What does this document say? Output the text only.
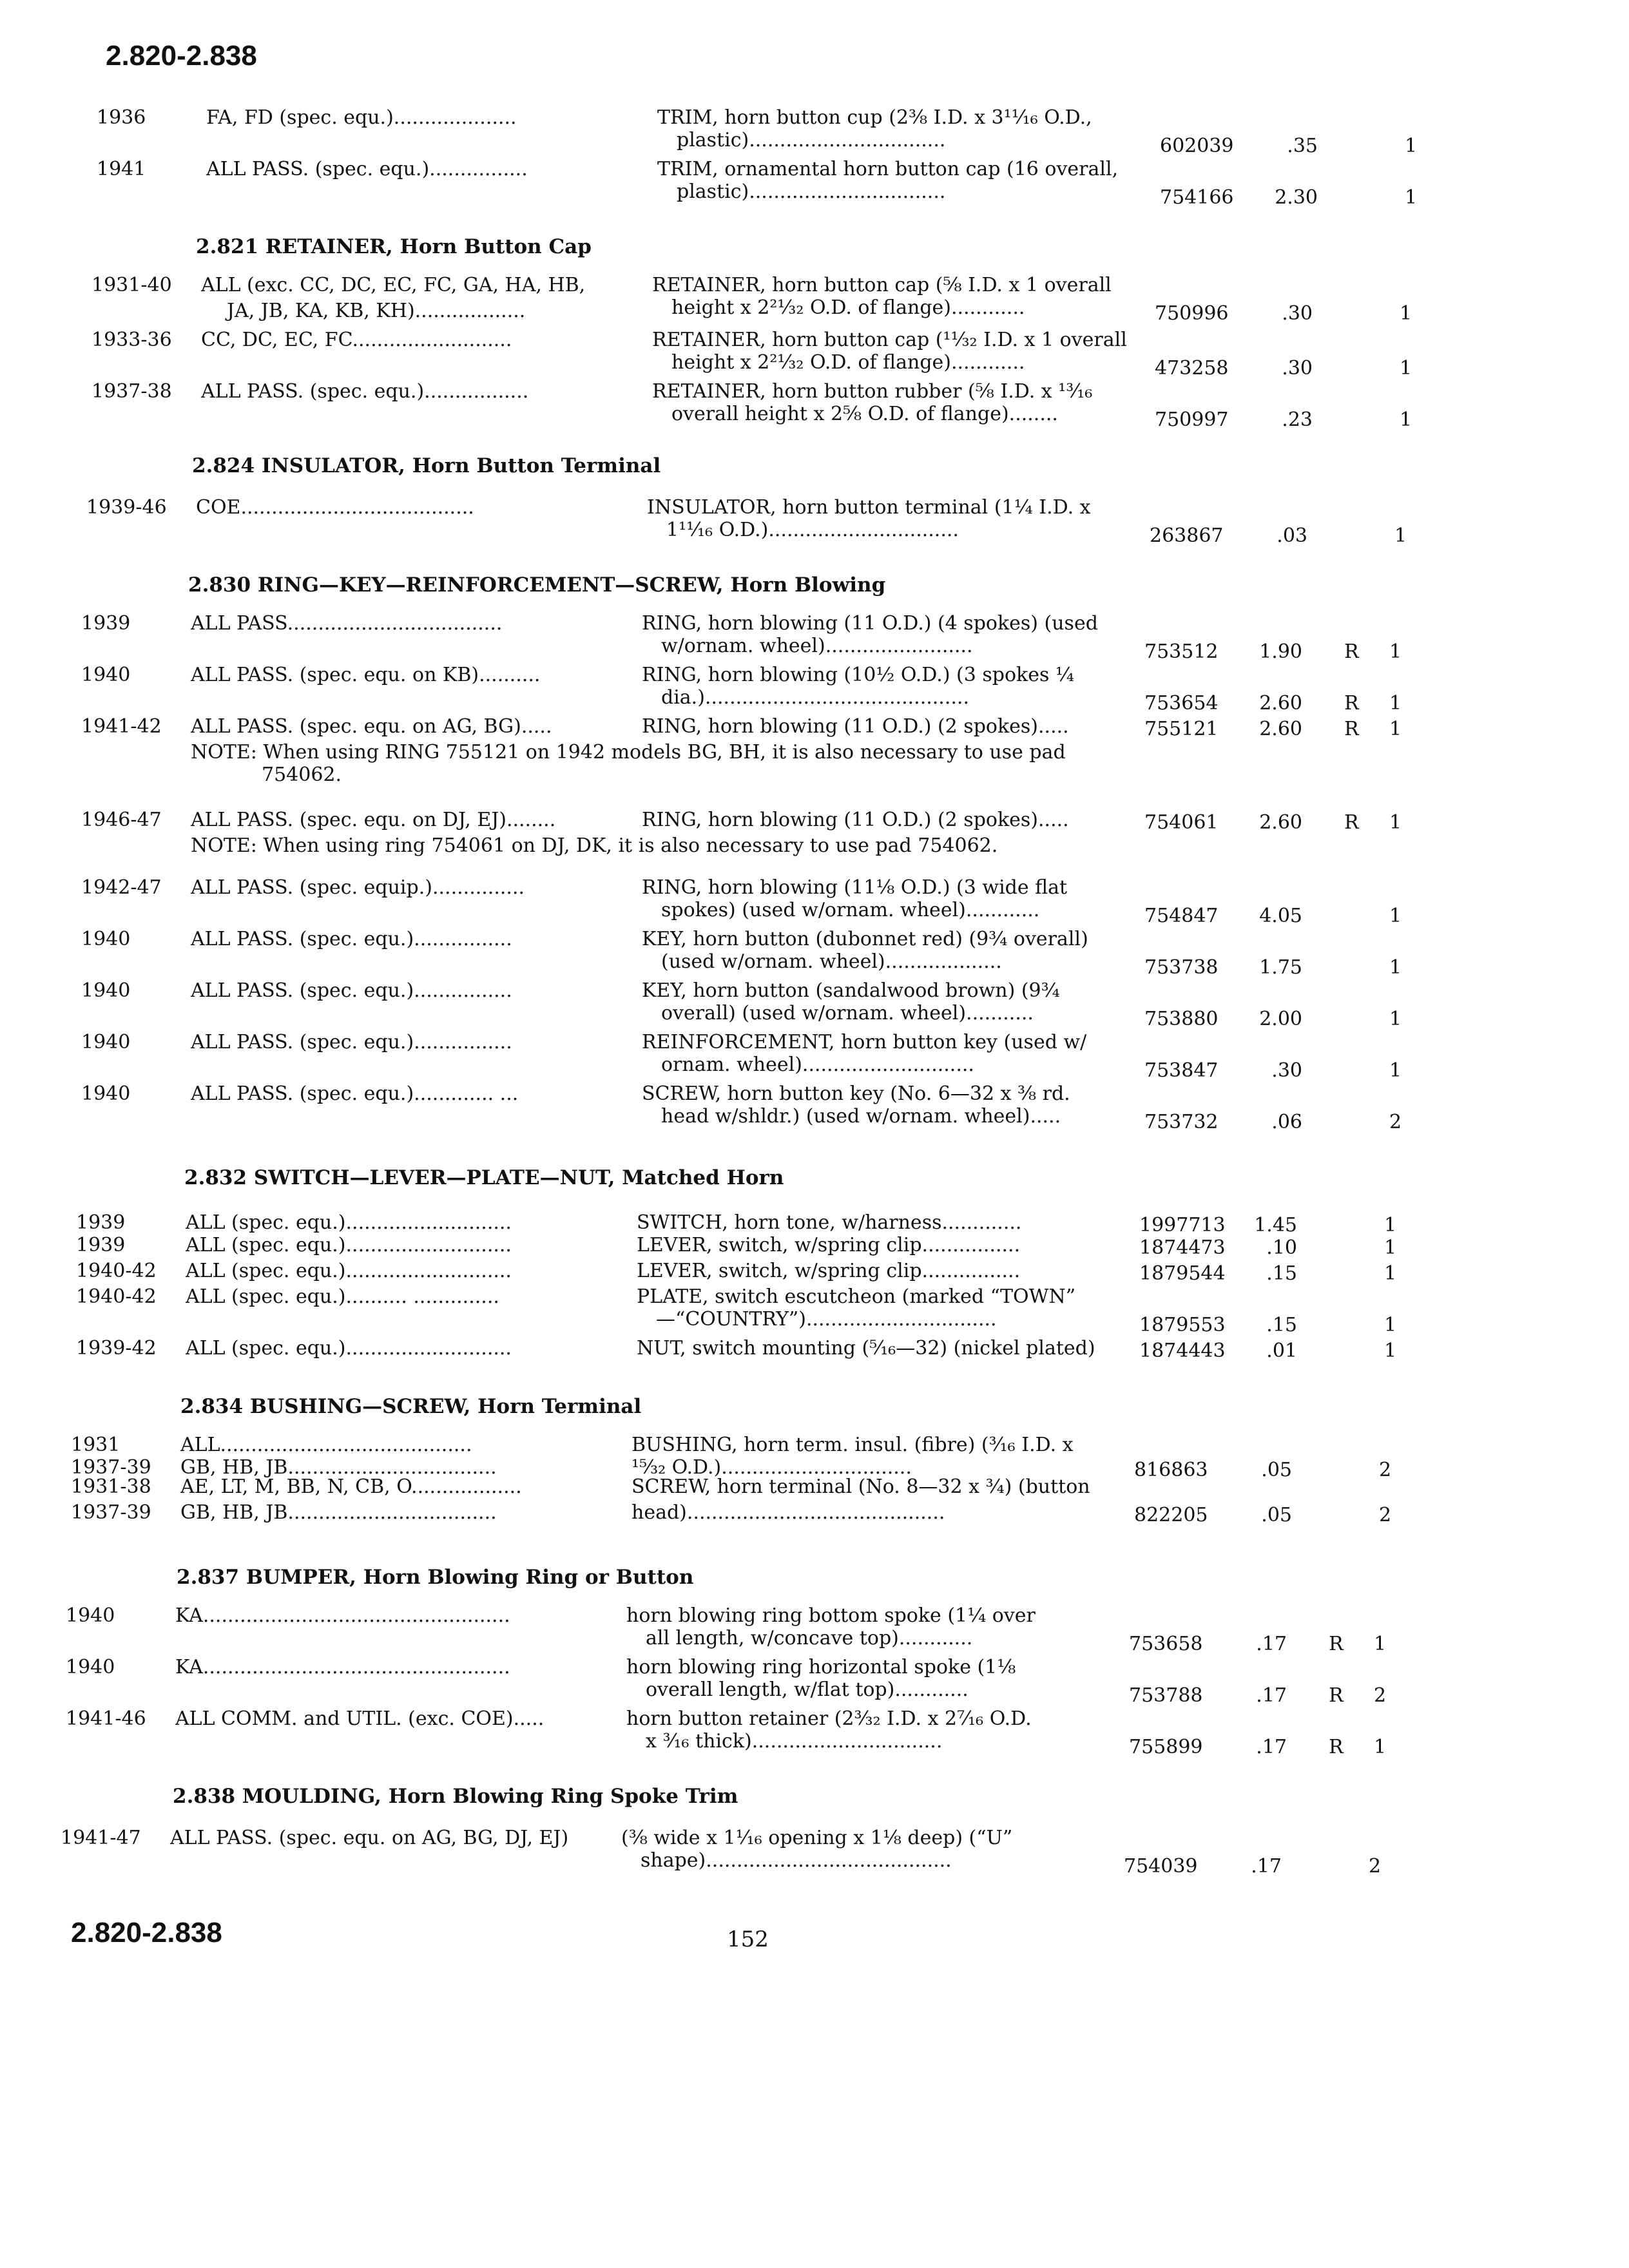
2.820-2.838
2.820-2.838	152
1936	FA, FD (spec. equ.)....................	TRIM, horn button cup (2⅜ I.D. x 3¹¹⁄₁₆ O.D.,
plastic)................................	602039	.35	1
1941	ALL PASS. (spec. equ.)................	TRIM, ornamental horn button cap (16 overall,
plastic)................................	754166	2.30	1
2.821 RETAINER, Horn Button Cap
1931-40 ALL (exc. CC, DC, EC, FC, GA, HA, HB,
JA, JB, KA, KB, KH)..................
RETAINER, horn button cap (⅝ I.D. x 1 overall
height x 2²¹⁄₃₂ O.D. of flange)............	750996	.30	1
1933-36 CC, DC, EC, FC..........................	RETAINER, horn button cap (¹¹⁄₃₂ I.D. x 1 overall
height x 2²¹⁄₃₂ O.D. of flange)............	473258	.30	1
1937-38 ALL PASS. (spec. equ.).................	RETAINER, horn button rubber (⅝ I.D. x ¹³⁄₁₆
overall height x 2⅝ O.D. of flange)........	750997	.23	1
2.824 INSULATOR, Horn Button Terminal
1939-46 COE......................................	INSULATOR, horn button terminal (1¼ I.D. x
1¹¹⁄₁₆ O.D.)...............................	263867	.03	1
2.830 RING—KEY—REINFORCEMENT—SCREW, Horn Blowing
1939	ALL PASS...................................	RING, horn blowing (11 O.D.) (4 spokes) (used
w/ornam. wheel)........................	753512	1.90 R 1
1940	ALL PASS. (spec. equ. on KB)..........	RING, horn blowing (10½ O.D.) (3 spokes ¼
dia.)...........................................	753654	2.60 R 1
1941-42 ALL PASS. (spec. equ. on AG, BG).....	RING, horn blowing (11 O.D.) (2 spokes).....	755121	2.60 R 1
NOTE: When using RING 755121 on 1942 models BG, BH, it is also necessary to use pad
754062.
1946-47 ALL PASS. (spec. equ. on DJ, EJ)........	RING, horn blowing (11 O.D.) (2 spokes).....	754061	2.60 R 1
NOTE: When using ring 754061 on DJ, DK, it is also necessary to use pad 754062.
1942-47 ALL PASS. (spec. equip.)...............	RING, horn blowing (11⅛ O.D.) (3 wide flat
spokes) (used w/ornam. wheel)............	754847	4.05	1
1940	ALL PASS. (spec. equ.)................	KEY, horn button (dubonnet red) (9¾ overall)
(used w/ornam. wheel)...................	753738	1.75	1
1940	ALL PASS. (spec. equ.)................	KEY, horn button (sandalwood brown) (9¾
overall) (used w/ornam. wheel)...........	753880	2.00	1
1940	ALL PASS. (spec. equ.)................	REINFORCEMENT, horn button key (used w/
ornam. wheel)............................	753847	.30	1
1940	ALL PASS. (spec. equ.)............. ...	SCREW, horn button key (No. 6—32 x ⅜ rd.
head w/shldr.) (used w/ornam. wheel).....	753732	.06	2
2.832 SWITCH—LEVER—PLATE—NUT, Matched Horn
1939	ALL (spec. equ.)...........................	SWITCH, horn tone, w/harness.............	1997713	1.45	1
1939	ALL (spec. equ.)...........................	LEVER, switch, w/spring clip................	1874473	.10	1
1940-42 ALL (spec. equ.)...........................	LEVER, switch, w/spring clip................	1879544	.15	1
1940-42 ALL (spec. equ.).......... ..............	PLATE, switch escutcheon (marked “TOWN”
—“COUNTRY”)...............................	1879553	.15	1
1939-42 ALL (spec. equ.)...........................	NUT, switch mounting (⁵⁄₁₆—32) (nickel plated) 1874443	.01	1
2.834 BUSHING—SCREW, Horn Terminal
1931	ALL.........................................	BUSHING, horn term. insul. (fibre) (³⁄₁₆ I.D. x
1937-39 GB, HB, JB..................................	¹⁵⁄₃₂ O.D.)...............................	816863	.05	2
1931-38 AE, LT, M, BB, N, CB, O..................	SCREW, horn terminal (No. 8—32 x ¾) (button
1937-39 GB, HB, JB..................................	head)..........................................	822205	.05	2
2.837 BUMPER, Horn Blowing Ring or Button
1940	KA..................................................	horn blowing ring bottom spoke (1¼ over
all length, w/concave top)............	753658	.17 R 1
1940	KA..................................................	horn blowing ring horizontal spoke (1⅛
overall length, w/flat top)............	753788	.17 R 2
1941-46 ALL COMM. and UTIL. (exc. COE).....	horn button retainer (2³⁄₃₂ I.D. x 2⁷⁄₁₆ O.D.
x ³⁄₁₆ thick)...............................	755899	.17 R 1
2.838 MOULDING, Horn Blowing Ring Spoke Trim
1941-47 ALL PASS. (spec. equ. on AG, BG, DJ, EJ)	(⅜ wide x 1¹⁄₁₆ opening x 1⅛ deep) (“U”
shape)........................................	754039	.17	2
